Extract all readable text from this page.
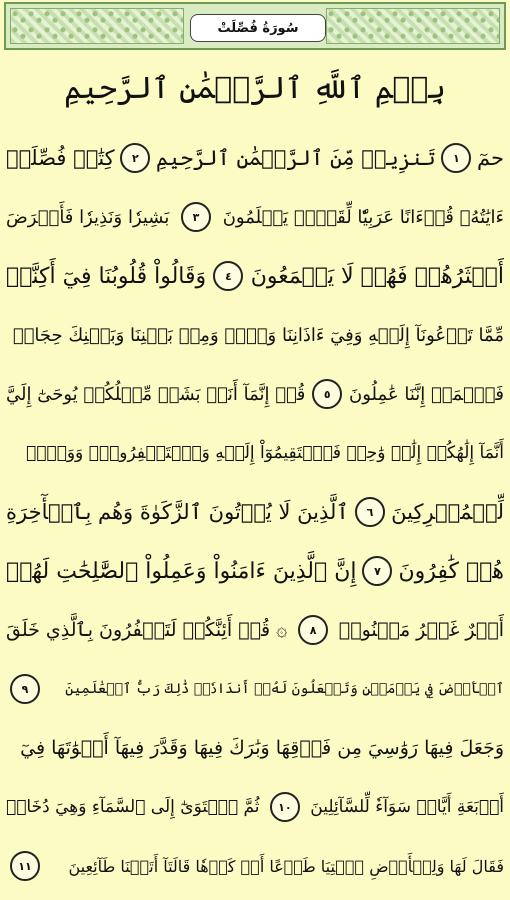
سُورَةُ فُصِّلَتْ
بِسۡمِ ٱللَّهِ ٱلرَّحۡمَٰنِ ٱلرَّحِيمِ
حمٓ
١
تَنزِيلٞ مِّنَ ٱلرَّحۡمَٰنِ ٱلرَّحِيمِ
٢
كِتَٰبٞ فُصِّلَتۡ
ءَايَٰتُهُۥ قُرۡءَانًا عَرَبِيّٗا لِّقَوۡمٖ يَعۡلَمُونَ
٣
بَشِيرٗا وَنَذِيرٗا فَأَعۡرَضَ
أَكۡثَرُهُمۡ فَهُمۡ لَا يَسۡمَعُونَ
٤
وَقَالُواْ قُلُوبُنَا فِيٓ أَكِنَّةٖ
مِّمَّا تَدۡعُونَآ إِلَيۡهِ وَفِيٓ ءَاذَانِنَا وَقۡرٞ وَمِنۢ بَيۡنِنَا وَبَيۡنِكَ حِجَابٞ
فَٱعۡمَلۡ إِنَّنَا عَٰمِلُونَ
٥
قُلۡ إِنَّمَآ أَنَا۠ بَشَرٞ مِّثۡلُكُمۡ يُوحَىٰٓ إِلَيَّ
أَنَّمَآ إِلَٰهُكُمۡ إِلَٰهٞ وَٰحِدٞ فَٱسۡتَقِيمُوٓاْ إِلَيۡهِ وَٱسۡتَغۡفِرُوهُۗ وَوَيۡلٞ
لِّلۡمُشۡرِكِينَ
٦
ٱلَّذِينَ لَا يُؤۡتُونَ ٱلزَّكَوٰةَ وَهُم بِٱلۡأٓخِرَةِ
هُمۡ كَٰفِرُونَ
٧
إِنَّ ٱلَّذِينَ ءَامَنُواْ وَعَمِلُواْ ٱلصَّٰلِحَٰتِ لَهُمۡ
أَجۡرٌ غَيۡرُ مَمۡنُونٖ
٨
۞ قُلۡ أَئِنَّكُمۡ لَتَكۡفُرُونَ بِٱلَّذِي خَلَقَ
ٱلۡأَرۡضَ فِي يَوۡمَيۡنِ وَتَجۡعَلُونَ لَهُۥٓ أَندَادٗاۚ ذَٰلِكَ رَبُّ ٱلۡعَٰلَمِينَ
٩
وَجَعَلَ فِيهَا رَوَٰسِيَ مِن فَوۡقِهَا وَبَٰرَكَ فِيهَا وَقَدَّرَ فِيهَآ أَقۡوَٰتَهَا فِيٓ
أَرۡبَعَةِ أَيَّامٖ سَوَآءٗ لِّلسَّآئِلِينَ
١٠
ثُمَّ ٱسۡتَوَىٰٓ إِلَى ٱلسَّمَآءِ وَهِيَ دُخَانٞ
فَقَالَ لَهَا وَلِلۡأَرۡضِ ٱئۡتِيَا طَوۡعًا أَوۡ كَرۡهٗا قَالَتَآ أَتَيۡنَا طَآئِعِينَ
١١
